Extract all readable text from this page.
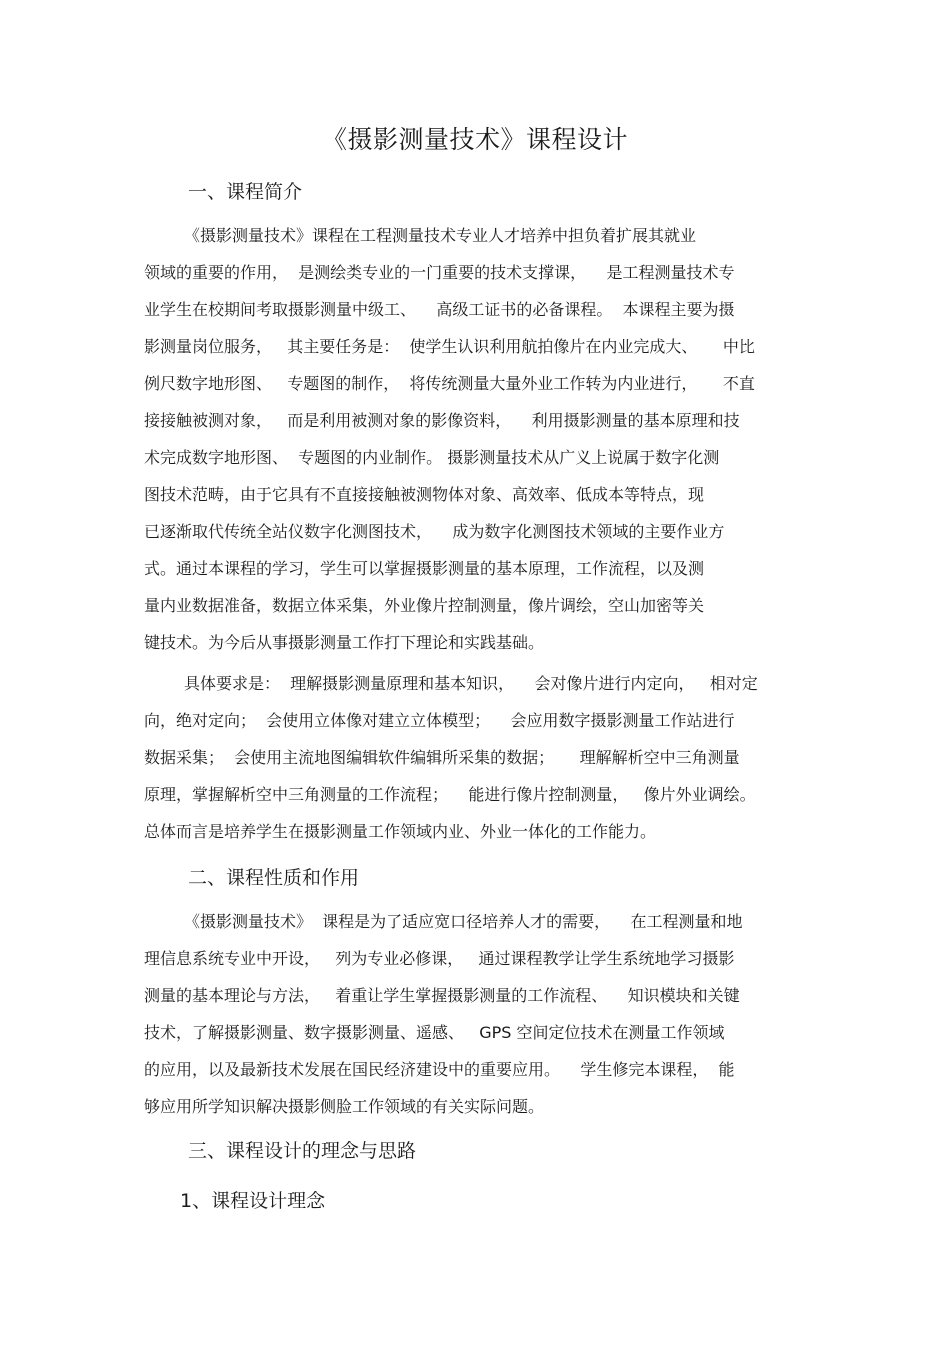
《摄影测量技术》课程设计
一、课程简介
《摄影测量技术》课程在工程测量技术专业人才培养中担负着扩展其就业
领域的重要的作用，  是测绘类专业的一门重要的技术支撑课，    是工程测量技术专
业学生在校期间考取摄影测量中级工、    高级工证书的必备课程。  本课程主要为摄
影测量岗位服务，   其主要任务是：  使学生认识利用航拍像片在内业完成大、     中比
例尺数字地形图、   专题图的制作，  将传统测量大量外业工作转为内业进行，     不直
接接触被测对象，   而是利用被测对象的影像资料，    利用摄影测量的基本原理和技
术完成数字地形图、  专题图的内业制作。 摄影测量技术从广义上说属于数字化测
图技术范畴，由于它具有不直接接触被测物体对象、高效率、低成本等特点，现
已逐渐取代传统全站仪数字化测图技术，    成为数字化测图技术领域的主要作业方
式。通过本课程的学习，学生可以掌握摄影测量的基本原理，工作流程，以及测
量内业数据准备，数据立体采集，外业像片控制测量，像片调绘，空山加密等关
键技术。为今后从事摄影测量工作打下理论和实践基础。
具体要求是：  理解摄影测量原理和基本知识，    会对像片进行内定向，   相对定
向，绝对定向；  会使用立体像对建立立体模型；    会应用数字摄影测量工作站进行
数据采集；  会使用主流地图编辑软件编辑所采集的数据；     理解解析空中三角测量
原理，掌握解析空中三角测量的工作流程；    能进行像片控制测量，   像片外业调绘。
总体而言是培养学生在摄影测量工作领域内业、外业一体化的工作能力。
二、课程性质和作用
《摄影测量技术》  课程是为了适应宽口径培养人才的需要，    在工程测量和地
理信息系统专业中开设，   列为专业必修课，   通过课程教学让学生系统地学习摄影
测量的基本理论与方法，   着重让学生掌握摄影测量的工作流程、    知识模块和关键
技术，了解摄影测量、数字摄影测量、遥感、   GPS 空间定位技术在测量工作领域
的应用，以及最新技术发展在国民经济建设中的重要应用。    学生修完本课程，  能
够应用所学知识解决摄影侧脸工作领域的有关实际问题。
三、课程设计的理念与思路
1、课程设计理念
